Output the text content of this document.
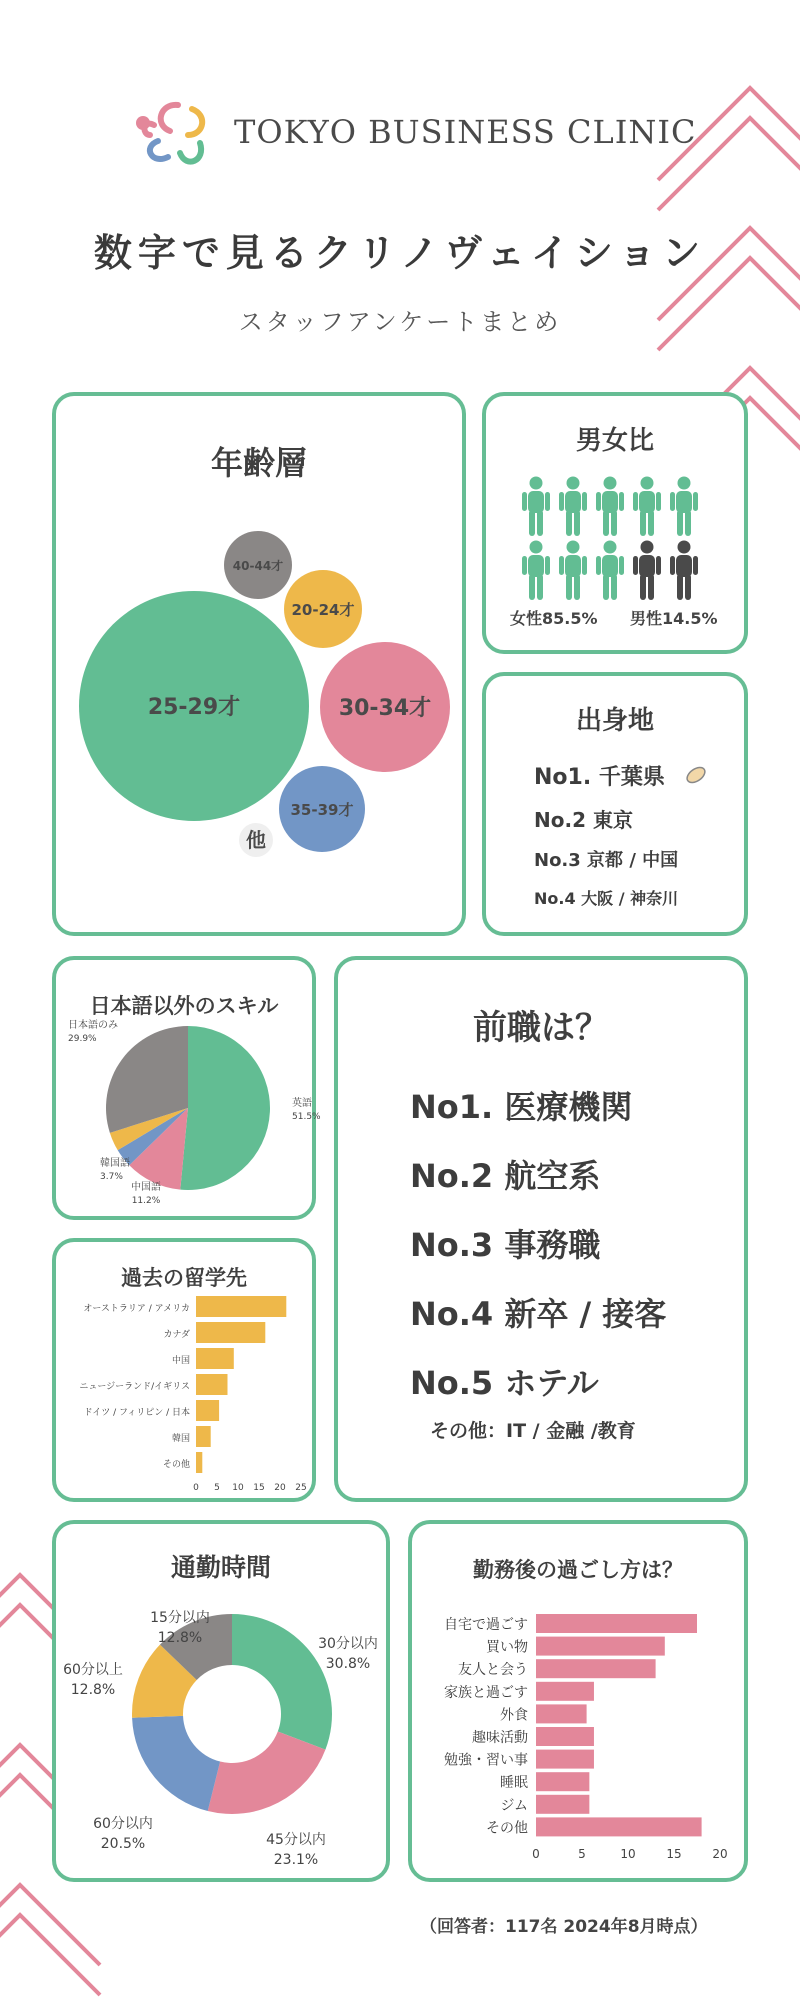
TOKYO BUSINESS CLINIC
数字で見るクリノヴェイション
スタッフアンケートまとめ
年齢層
25-29才	30-34才
20-24才
35-39才
40-44才
他
男女比
女性85.5% 男性14.5%
出身地
No1. 千葉県
No.2 東京
No.3 京都 / 中国
No.4 大阪 / 神奈川
日本語以外のスキル
英語
51.5%
中国語
11.2%
韓国語
3.7%
日本語のみ
29.9%
過去の留学先
オーストラリア / アメリカ
カナダ
中国
ニュージーランド/イギリス
ドイツ / フィリピン / 日本
韓国
その他
0 5 10 15 20 25
前職は？
No1. 医療機関
No.2 航空系
No.3 事務職
No.4 新卒 / 接客
No.5 ホテル
その他：IT / 金融 /教育
通勤時間
30分以内
30.8%
45分以内
23.1%
60分以内
20.5%
60分以上
12.8%
15分以内
12.8%
勤務後の過ごし方は？
自宅で過ごす
買い物
友人と会う
家族と過ごす
外食
趣味活動
勉強・習い事
睡眠
ジム
その他
0	5	10	15	20
（回答者：117名 2024年8月時点）
